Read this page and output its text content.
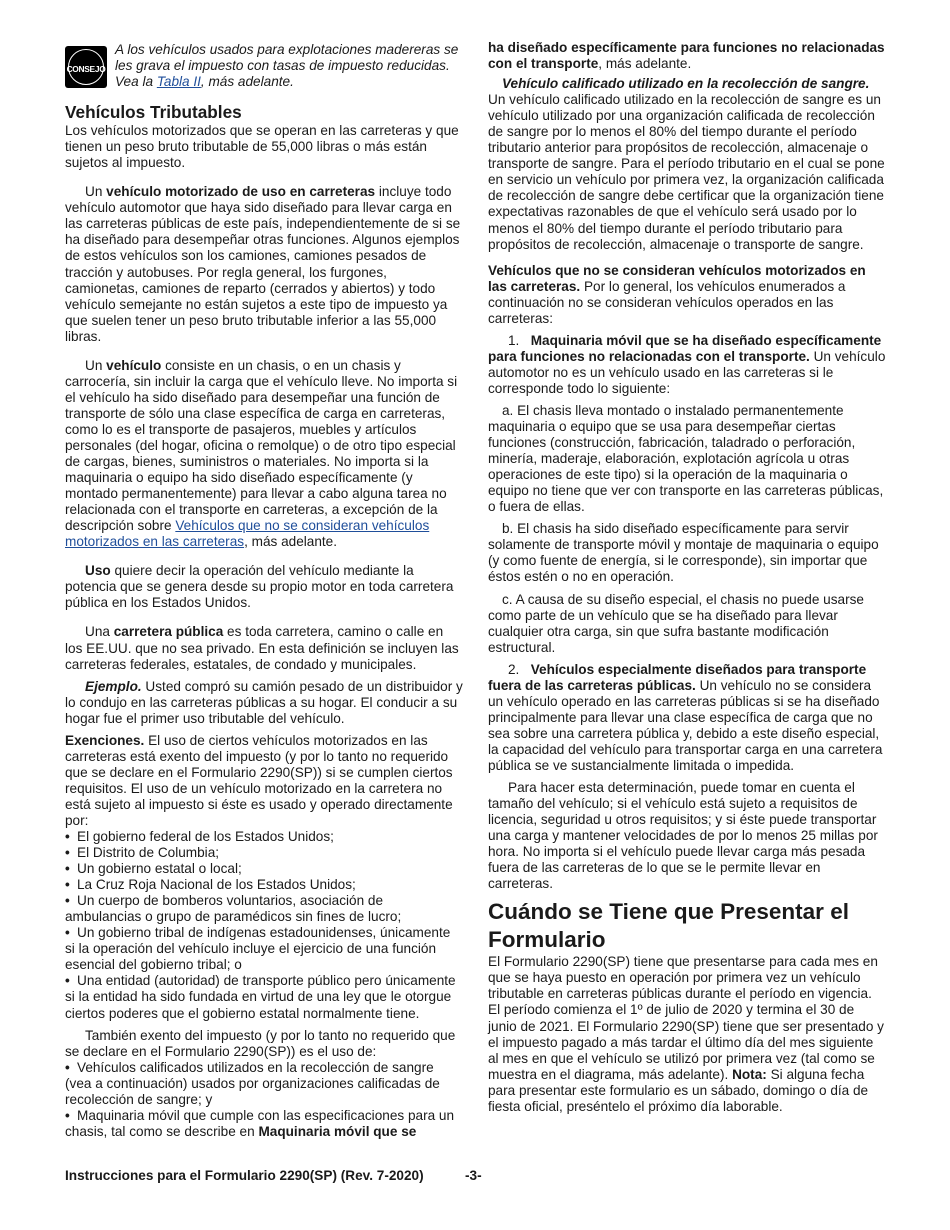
CONSEJO
A los vehículos usados para explotaciones madereras se les grava el impuesto con tasas de impuesto reducidas. Vea la Tabla II, más adelante.
Vehículos Tributables

Los vehículos motorizados que se operan en las carreteras y que tienen un peso bruto tributable de 55,000 libras o más están sujetos al impuesto.

Un vehículo motorizado de uso en carreteras incluye todo vehículo automotor que haya sido diseñado para llevar carga en las carreteras públicas de este país, independientemente de si se ha diseñado para desempeñar otras funciones. Algunos ejemplos de estos vehículos son los camiones, camiones pesados de tracción y autobuses. Por regla general, los furgones, camionetas, camiones de reparto (cerrados y abiertos) y todo vehículo semejante no están sujetos a este tipo de impuesto ya que suelen tener un peso bruto tributable inferior a las 55,000 libras.

Un vehículo consiste en un chasis, o en un chasis y carrocería, sin incluir la carga que el vehículo lleve. No importa si el vehículo ha sido diseñado para desempeñar una función de transporte de sólo una clase específica de carga en carreteras, como lo es el transporte de pasajeros, muebles y artículos personales (del hogar, oficina o remolque) o de otro tipo especial de cargas, bienes, suministros o materiales. No importa si la maquinaria o equipo ha sido diseñado específicamente (y montado permanentemente) para llevar a cabo alguna tarea no relacionada con el transporte en carreteras, a excepción de la descripción sobre Vehículos que no se consideran vehículos motorizados en las carreteras, más adelante.

Uso quiere decir la operación del vehículo mediante la potencia que se genera desde su propio motor en toda carretera pública en los Estados Unidos.

Una carretera pública es toda carretera, camino o calle en los EE.UU. que no sea privado. En esta definición se incluyen las carreteras federales, estatales, de condado y municipales.

Ejemplo. Usted compró su camión pesado de un distribuidor y lo condujo en las carreteras públicas a su hogar. El conducir a su hogar fue el primer uso tributable del vehículo.

Exenciones. El uso de ciertos vehículos motorizados en las carreteras está exento del impuesto (y por lo tanto no requerido que se declare en el Formulario 2290(SP)) si se cumplen ciertos requisitos. El uso de un vehículo motorizado en la carretera no está sujeto al impuesto si éste es usado y operado directamente por:

• El gobierno federal de los Estados Unidos;
• El Distrito de Columbia;
• Un gobierno estatal o local;
• La Cruz Roja Nacional de los Estados Unidos;
• Un cuerpo de bomberos voluntarios, asociación de ambulancias o grupo de paramédicos sin fines de lucro;
• Un gobierno tribal de indígenas estadounidenses, únicamente si la operación del vehículo incluye el ejercicio de una función esencial del gobierno tribal; o
• Una entidad (autoridad) de transporte público pero únicamente si la entidad ha sido fundada en virtud de una ley que le otorgue ciertos poderes que el gobierno estatal normalmente tiene.

También exento del impuesto (y por lo tanto no requerido que se declare en el Formulario 2290(SP)) es el uso de:

• Vehículos calificados utilizados en la recolección de sangre (vea a continuación) usados por organizaciones calificadas de recolección de sangre; y
• Maquinaria móvil que cumple con las especificaciones para un chasis, tal como se describe en Maquinaria móvil que se

ha diseñado específicamente para funciones no relacionadas con el transporte, más adelante.

Vehículo calificado utilizado en la recolección de sangre. Un vehículo calificado utilizado en la recolección de sangre es un vehículo utilizado por una organización calificada de recolección de sangre por lo menos el 80% del tiempo durante el período tributario anterior para propósitos de recolección, almacenaje o transporte de sangre. Para el período tributario en el cual se pone en servicio un vehículo por primera vez, la organización calificada de recolección de sangre debe certificar que la organización tiene expectativas razonables de que el vehículo será usado por lo menos el 80% del tiempo durante el período tributario para propósitos de recolección, almacenaje o transporte de sangre.

Vehículos que no se consideran vehículos motorizados en las carreteras. Por lo general, los vehículos enumerados a continuación no se consideran vehículos operados en las carreteras:

1. Maquinaria móvil que se ha diseñado específicamente para funciones no relacionadas con el transporte. Un vehículo automotor no es un vehículo usado en las carreteras si le corresponde todo lo siguiente:

a. El chasis lleva montado o instalado permanentemente maquinaria o equipo que se usa para desempeñar ciertas funciones (construcción, fabricación, taladrado o perforación, minería, maderaje, elaboración, explotación agrícola u otras operaciones de este tipo) si la operación de la maquinaria o equipo no tiene que ver con transporte en las carreteras públicas, o fuera de ellas.

b. El chasis ha sido diseñado específicamente para servir solamente de transporte móvil y montaje de maquinaria o equipo (y como fuente de energía, si le corresponde), sin importar que éstos estén o no en operación.

c. A causa de su diseño especial, el chasis no puede usarse como parte de un vehículo que se ha diseñado para llevar cualquier otra carga, sin que sufra bastante modificación estructural.

2. Vehículos especialmente diseñados para transporte fuera de las carreteras públicas. Un vehículo no se considera un vehículo operado en las carreteras públicas si se ha diseñado principalmente para llevar una clase específica de carga que no sea sobre una carretera pública y, debido a este diseño especial, la capacidad del vehículo para transportar carga en una carretera pública se ve sustancialmente limitada o impedida.

Para hacer esta determinación, puede tomar en cuenta el tamaño del vehículo; si el vehículo está sujeto a requisitos de licencia, seguridad u otros requisitos; y si éste puede transportar una carga y mantener velocidades de por lo menos 25 millas por hora. No importa si el vehículo puede llevar carga más pesada fuera de las carreteras de lo que se le permite llevar en carreteras.

Cuándo se Tiene que Presentar el Formulario

El Formulario 2290(SP) tiene que presentarse para cada mes en que se haya puesto en operación por primera vez un vehículo tributable en carreteras públicas durante el período en vigencia. El período comienza el 1º de julio de 2020 y termina el 30 de junio de 2021. El Formulario 2290(SP) tiene que ser presentado y el impuesto pagado a más tardar el último día del mes siguiente al mes en que el vehículo se utilizó por primera vez (tal como se muestra en el diagrama, más adelante). Nota: Si alguna fecha para presentar este formulario es un sábado, domingo o día de fiesta oficial, preséntelo el próximo día laborable.

Instrucciones para el Formulario 2290(SP) (Rev. 7-2020)	-3-
